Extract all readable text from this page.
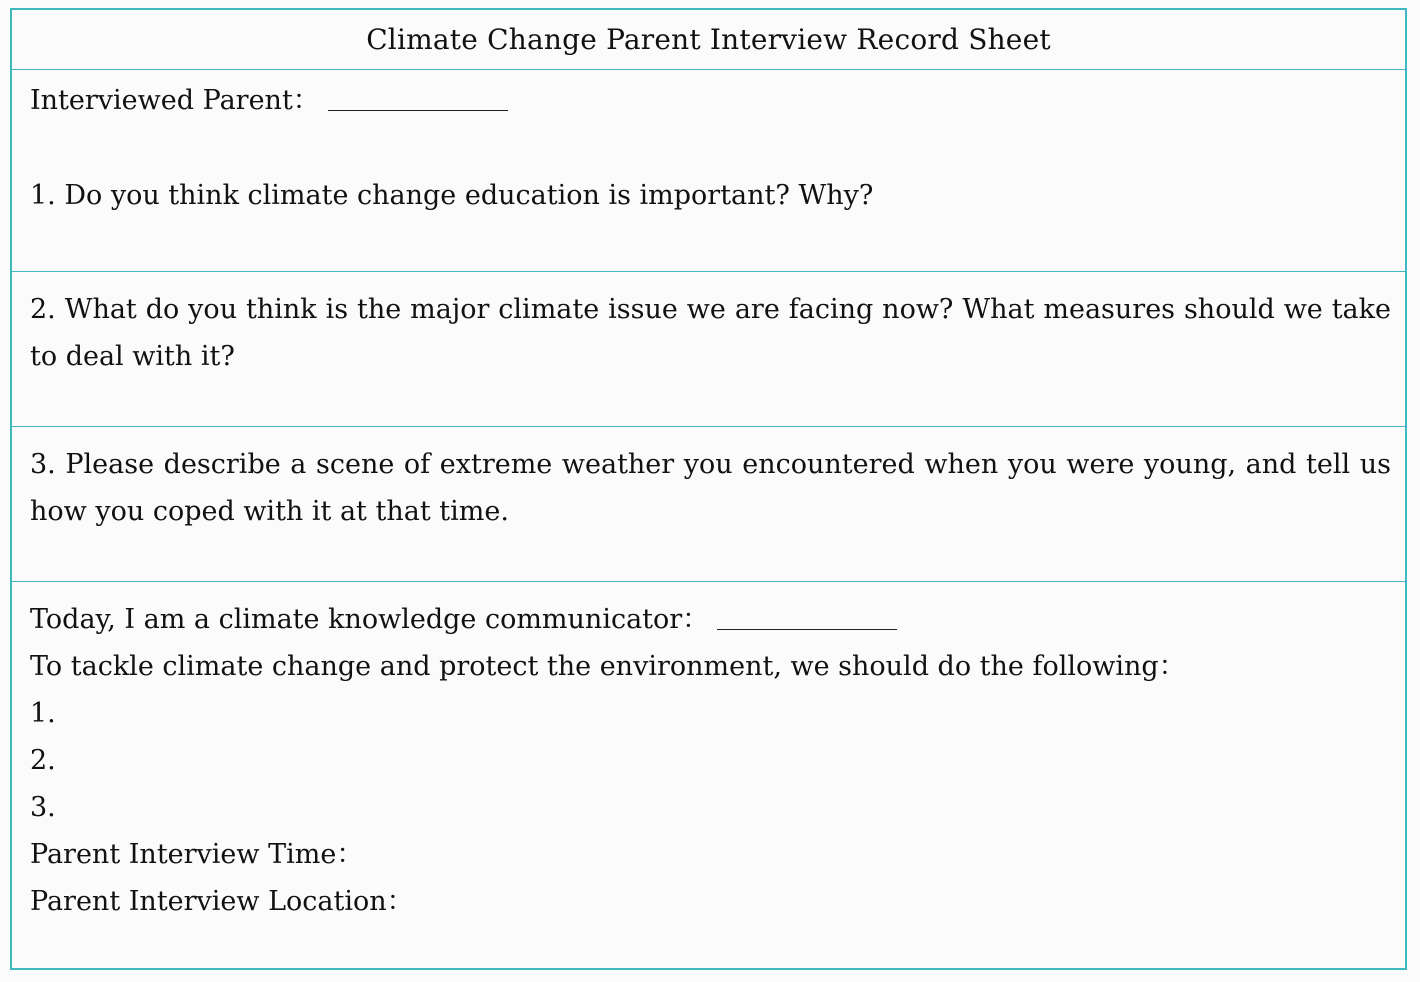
Climate Change Parent Interview Record Sheet
Interviewed Parent：
1. Do you think climate change education is important? Why?
2. What do you think is the major climate issue we are facing now? What measures should we take to deal with it?
3. Please describe a scene of extreme weather you encountered when you were young, and tell us how you coped with it at that time.
Today, I am a climate knowledge communicator：
To tackle climate change and protect the environment, we should do the following：
1.
2.
3.
Parent Interview Time：
Parent Interview Location：
